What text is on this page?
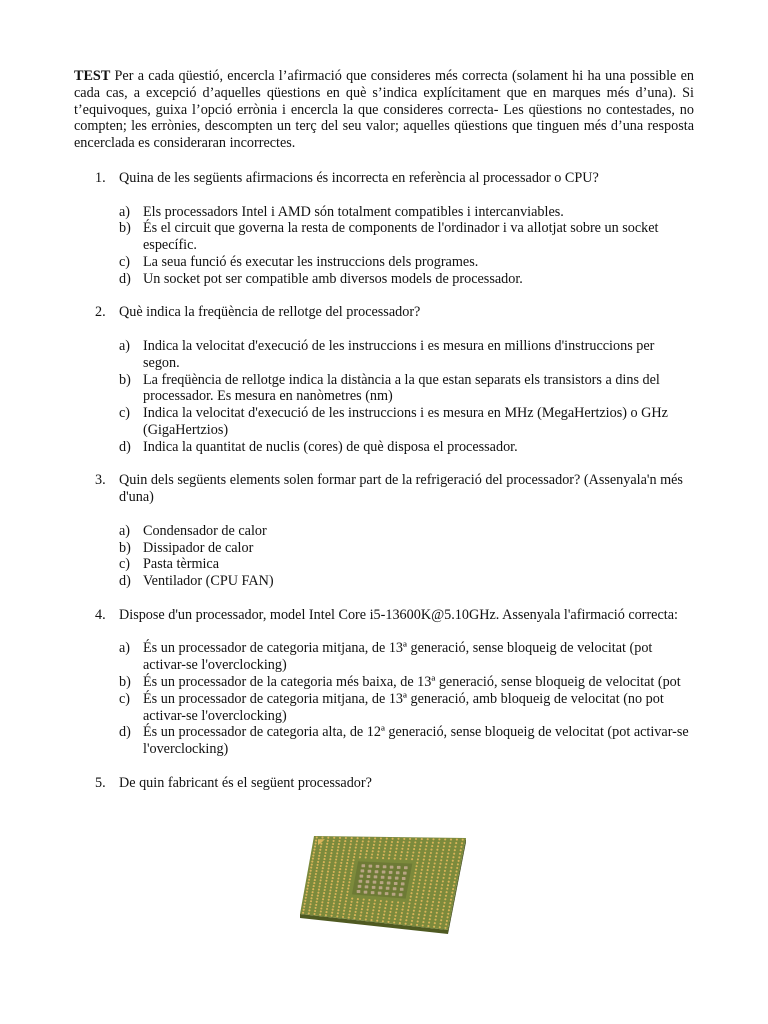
TEST Per a cada qüestió, encercla l’afirmació que consideres més correcta (solament hi ha una possible en cada cas, a excepció d’aquelles qüestions en què s’indica explícitament que en marques més d’una). Si t’equivoques, guixa l’opció errònia i encercla la que consideres correcta- Les qüestions no contestades, no compten; les errònies, descompten un terç del seu valor; aquelles qüestions que tinguen més d’una resposta encerclada es consideraran incorrectes.

1. Quina de les següents afirmacions és incorrecta en referència al processador o CPU?
a) Els processadors Intel i AMD són totalment compatibles i intercanviables.
b) És el circuit que governa la resta de components de l'ordinador i va allotjat sobre un socket específic.
c) La seua funció és executar les instruccions dels programes.
d) Un socket pot ser compatible amb diversos models de processador.
2. Què indica la freqüència de rellotge del processador?
a) Indica la velocitat d'execució de les instruccions i es mesura en millions d'instruccions per segon.
b) La freqüència de rellotge indica la distància a la que estan separats els transistors a dins del processador. Es mesura en nanòmetres (nm)
c) Indica la velocitat d'execució de les instruccions i es mesura en MHz (MegaHertzios) o GHz (GigaHertzios)
d) Indica la quantitat de nuclis (cores) de què disposa el processador.
3. Quin dels següents elements solen formar part de la refrigeració del processador? (Assenyala'n més d'una)
a) Condensador de calor
b) Dissipador de calor
c) Pasta tèrmica
d) Ventilador (CPU FAN)
4. Dispose d'un processador, model Intel Core i5-13600K@5.10GHz. Assenyala l'afirmació correcta:
a) És un processador de categoria mitjana, de 13ª generació, sense bloqueig de velocitat (pot activar-se l'overclocking)
b) És un processador de la categoria més baixa, de 13ª generació, sense bloqueig de velocitat (pot
c) És un processador de categoria mitjana, de 13ª generació, amb bloqueig de velocitat (no pot activar-se l'overclocking)
d) És un processador de categoria alta, de 12ª generació, sense bloqueig de velocitat (pot activar-se l'overclocking)
5. De quin fabricant és el següent processador?
